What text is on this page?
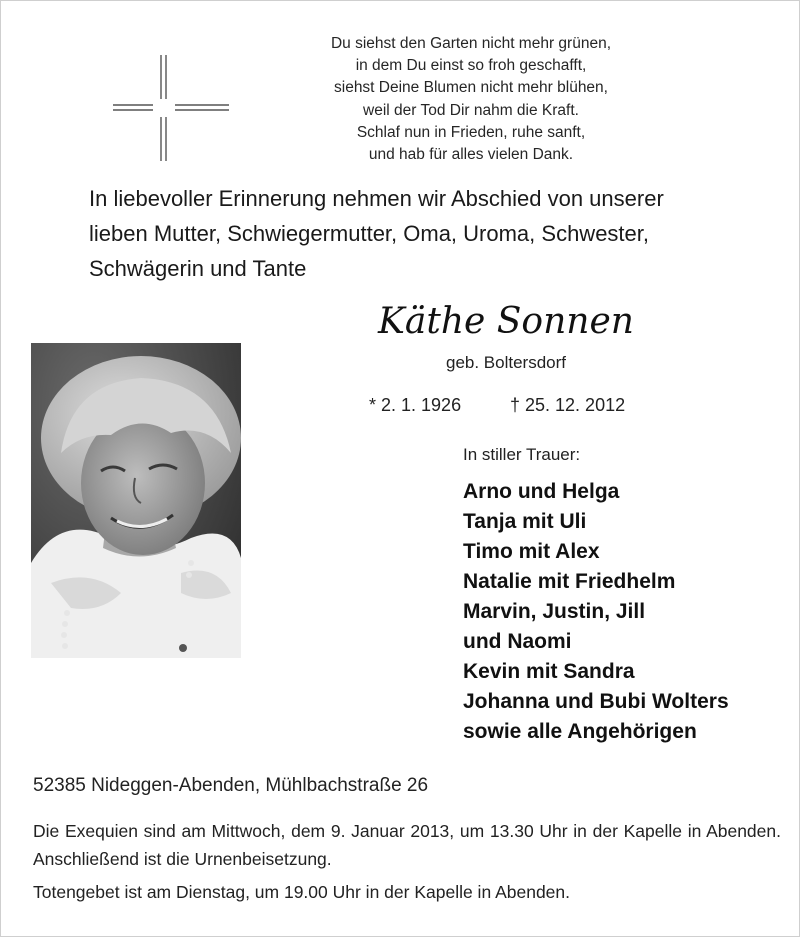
Du siehst den Garten nicht mehr grünen,
in dem Du einst so froh geschafft,
siehst Deine Blumen nicht mehr blühen,
weil der Tod Dir nahm die Kraft.
Schlaf nun in Frieden, ruhe sanft,
und hab für alles vielen Dank.
In liebevoller Erinnerung nehmen wir Abschied von unserer
lieben Mutter, Schwiegermutter, Oma, Uroma, Schwester,
Schwägerin und Tante
Käthe Sonnen
geb. Boltersdorf
* 2. 1. 1926	† 25. 12. 2012
In stiller Trauer:
Arno und Helga
Tanja mit Uli
Timo mit Alex
Natalie mit Friedhelm
Marvin, Justin, Jill
und Naomi
Kevin mit Sandra
Johanna und Bubi Wolters
sowie alle Angehörigen
52385 Nideggen-Abenden, Mühlbachstraße 26
Die Exequien sind am Mittwoch, dem 9. Januar 2013, um 13.30 Uhr in der Kapelle in Abenden. Anschließend ist die Urnenbeisetzung.
Totengebet ist am Dienstag, um 19.00 Uhr in der Kapelle in Abenden.
